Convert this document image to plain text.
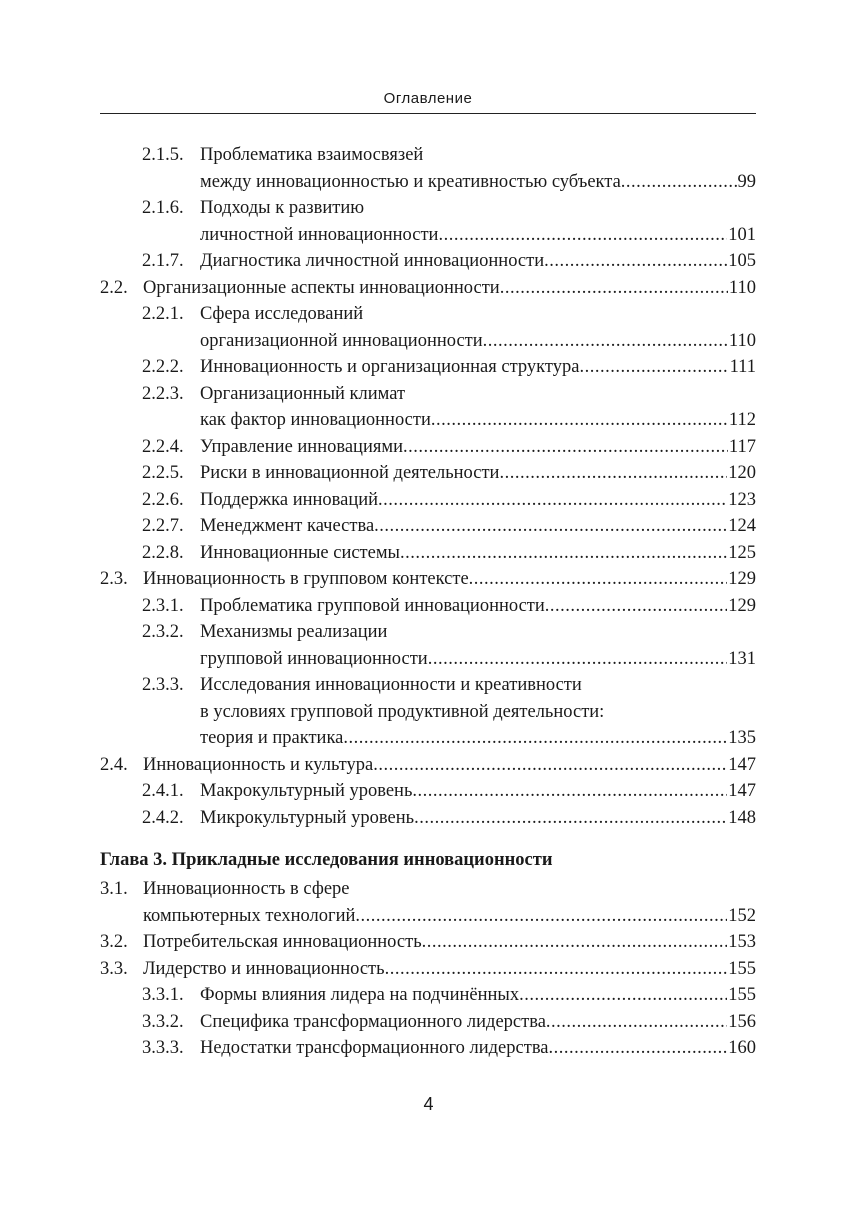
Оглавление
2.1.5. Проблематика взаимосвязей
между инновационностью и креативностью субъекта .....	99
2.1.6. Подходы к развитию
личностной инновационности .....	101
2.1.7. Диагностика личностной инновационности .....	105
2.2. Организационные аспекты инновационности .....	110
2.2.1. Сфера исследований
организационной инновационности .....	110
2.2.2. Инновационность и организационная структура .....	111
2.2.3. Организационный климат
как фактор инновационности .....	112
2.2.4. Управление инновациями .....	117
2.2.5. Риски в инновационной деятельности .....	120
2.2.6. Поддержка инноваций .....	123
2.2.7. Менеджмент качества .....	124
2.2.8. Инновационные системы .....	125
2.3. Инновационность в групповом контексте .....	129
2.3.1. Проблематика групповой инновационности .....	129
2.3.2. Механизмы реализации
групповой инновационности .....	131
2.3.3. Исследования инновационности и креативности
в условиях групповой продуктивной деятельности:
теория и практика .....	135
2.4. Инновационность и культура .....	147
2.4.1. Макрокультурный уровень .....	147
2.4.2. Микрокультурный уровень .....	148
Глава 3. Прикладные исследования инновационности
3.1. Инновационность в сфере
компьютерных технологий .....	152
3.2. Потребительская инновационность .....	153
3.3. Лидерство и инновационность .....	155
3.3.1. Формы влияния лидера на подчинённых .....	155
3.3.2. Специфика трансформационного лидерства .....	156
3.3.3. Недостатки трансформационного лидерства .....	160
4
